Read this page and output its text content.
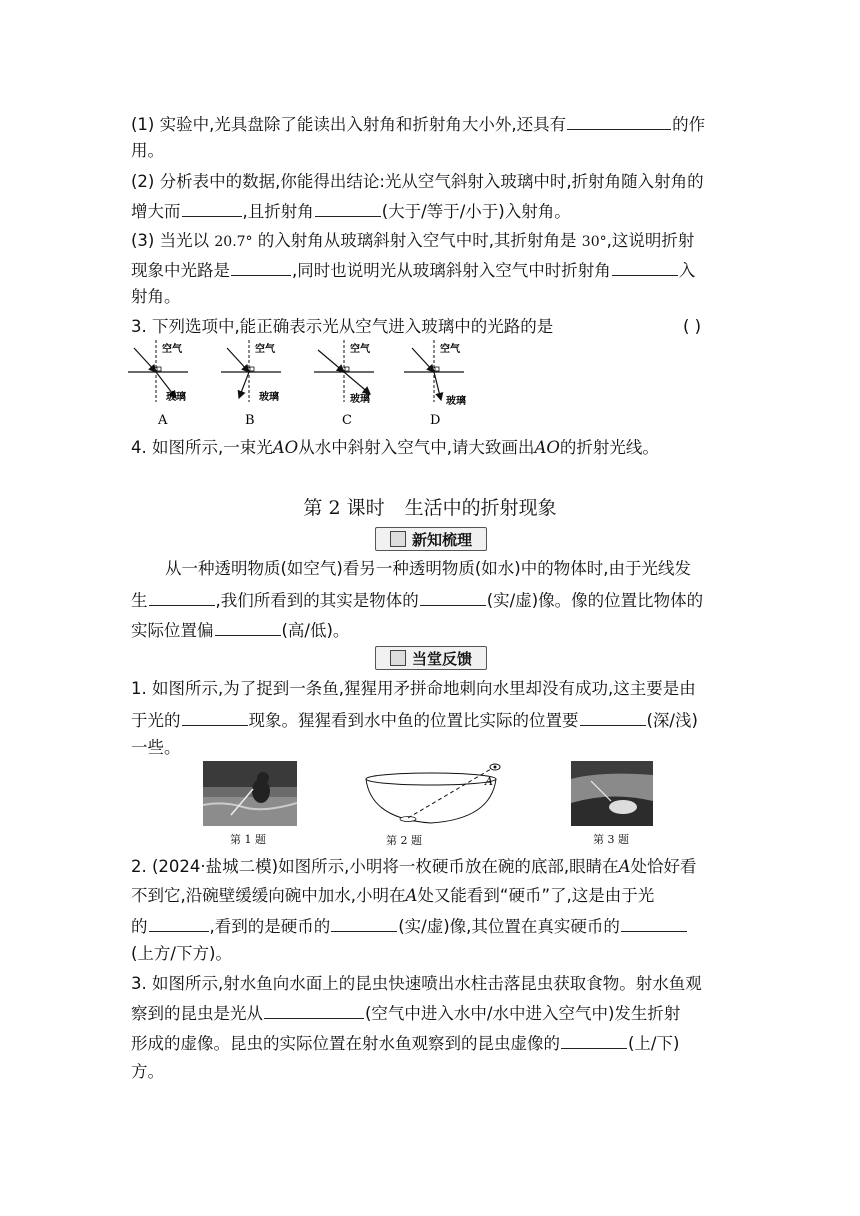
(1) 实验中,光具盘除了能读出入射角和折射角大小外,还具有	的作
用。
(2) 分析表中的数据,你能得出结论:光从空气斜射入玻璃中时,折射角随入射角的
增大而	,且折射角	(大于/等于/小于)入射角。
(3) 当光以 20.7° 的入射角从玻璃斜射入空气中时,其折射角是 30°,这说明折射
现象中光路是	,同时也说明光从玻璃斜射入空气中时折射角	入
射角。
3. 下列选项中,能正确表示光从空气进入玻璃中的光路的是	( )
空气
玻璃
A
空气
玻璃
B
空气
玻璃
C
空气
玻璃
D
4. 如图所示,一束光AO从水中斜射入空气中,请大致画出AO的折射光线。
第 2 课时 生活中的折射现象
新知梳理
从一种透明物质(如空气)看另一种透明物质(如水)中的物体时,由于光线发
生	,我们所看到的其实是物体的	(实/虚)像。像的位置比物体的
实际位置偏	(高/低)。
当堂反馈
1. 如图所示,为了捉到一条鱼,猩猩用矛拼命地刺向水里却没有成功,这主要是由
于光的	现象。猩猩看到水中鱼的位置比实际的位置要	(深/浅)
一些。
第 1 题
A
第 2 题	第 3 题
2. (2024·盐城二模)如图所示,小明将一枚硬币放在碗的底部,眼睛在A处恰好看
不到它,沿碗壁缓缓向碗中加水,小明在A处又能看到“硬币”了,这是由于光
的	,看到的是硬币的	(实/虚)像,其位置在真实硬币的
(上方/下方)。
3. 如图所示,射水鱼向水面上的昆虫快速喷出水柱击落昆虫获取食物。射水鱼观
察到的昆虫是光从	(空气中进入水中/水中进入空气中)发生折射
形成的虚像。昆虫的实际位置在射水鱼观察到的昆虫虚像的	(上/下)
方。
